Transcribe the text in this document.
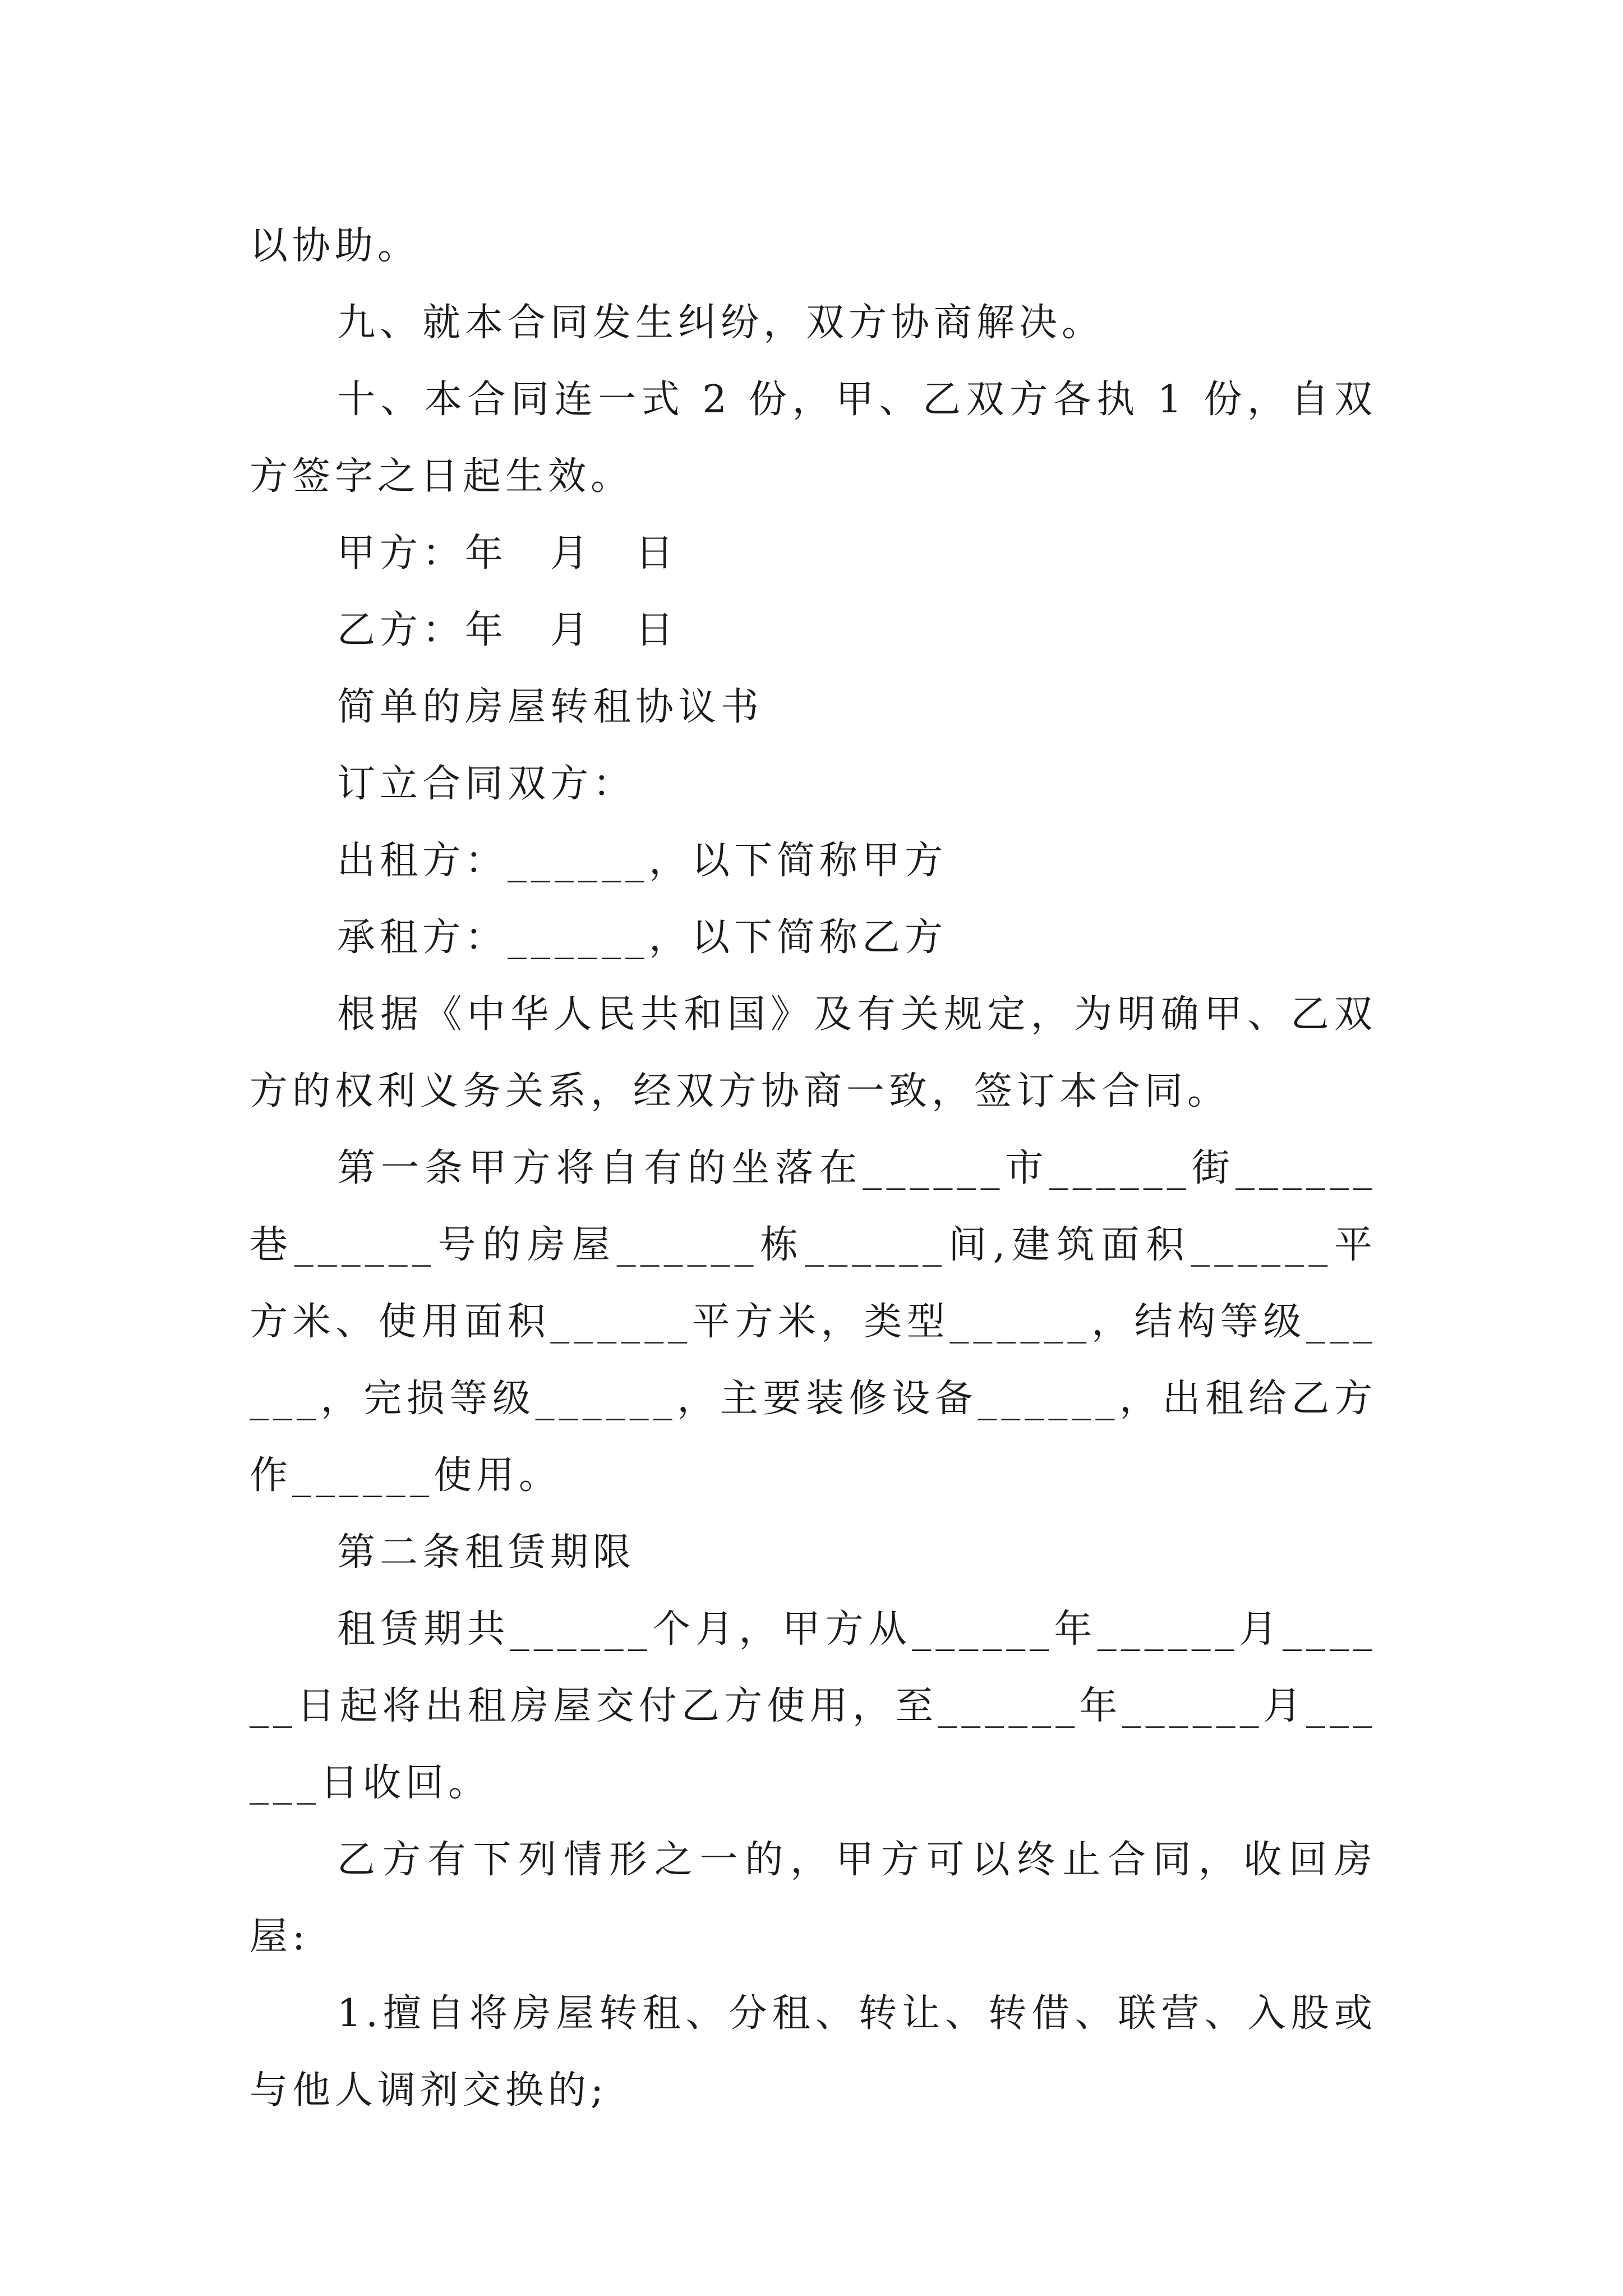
以协助。

九、就本合同发生纠纷，双方协商解决。

十、本合同连一式 2 份，甲、乙双方各执 1 份，自双方签字之日起生效。

甲方：年　月　日

乙方：年　月　日

简单的房屋转租协议书

订立合同双方：

出租方：______，以下简称甲方

承租方：______，以下简称乙方

根据《中华人民共和国》及有关规定，为明确甲、乙双方的权利义务关系，经双方协商一致，签订本合同。

第一条甲方将自有的坐落在______市______街______巷______号的房屋______栋______间,建筑面积______平方米、使用面积______平方米，类型______，结构等级______，完损等级______，主要装修设备______，出租给乙方作______使用。

第二条租赁期限

租赁期共______个月，甲方从______年______月______日起将出租房屋交付乙方使用，至______年______月______日收回。

乙方有下列情形之一的，甲方可以终止合同，收回房屋:

1.擅自将房屋转租、分租、转让、转借、联营、入股或与他人调剂交换的;
